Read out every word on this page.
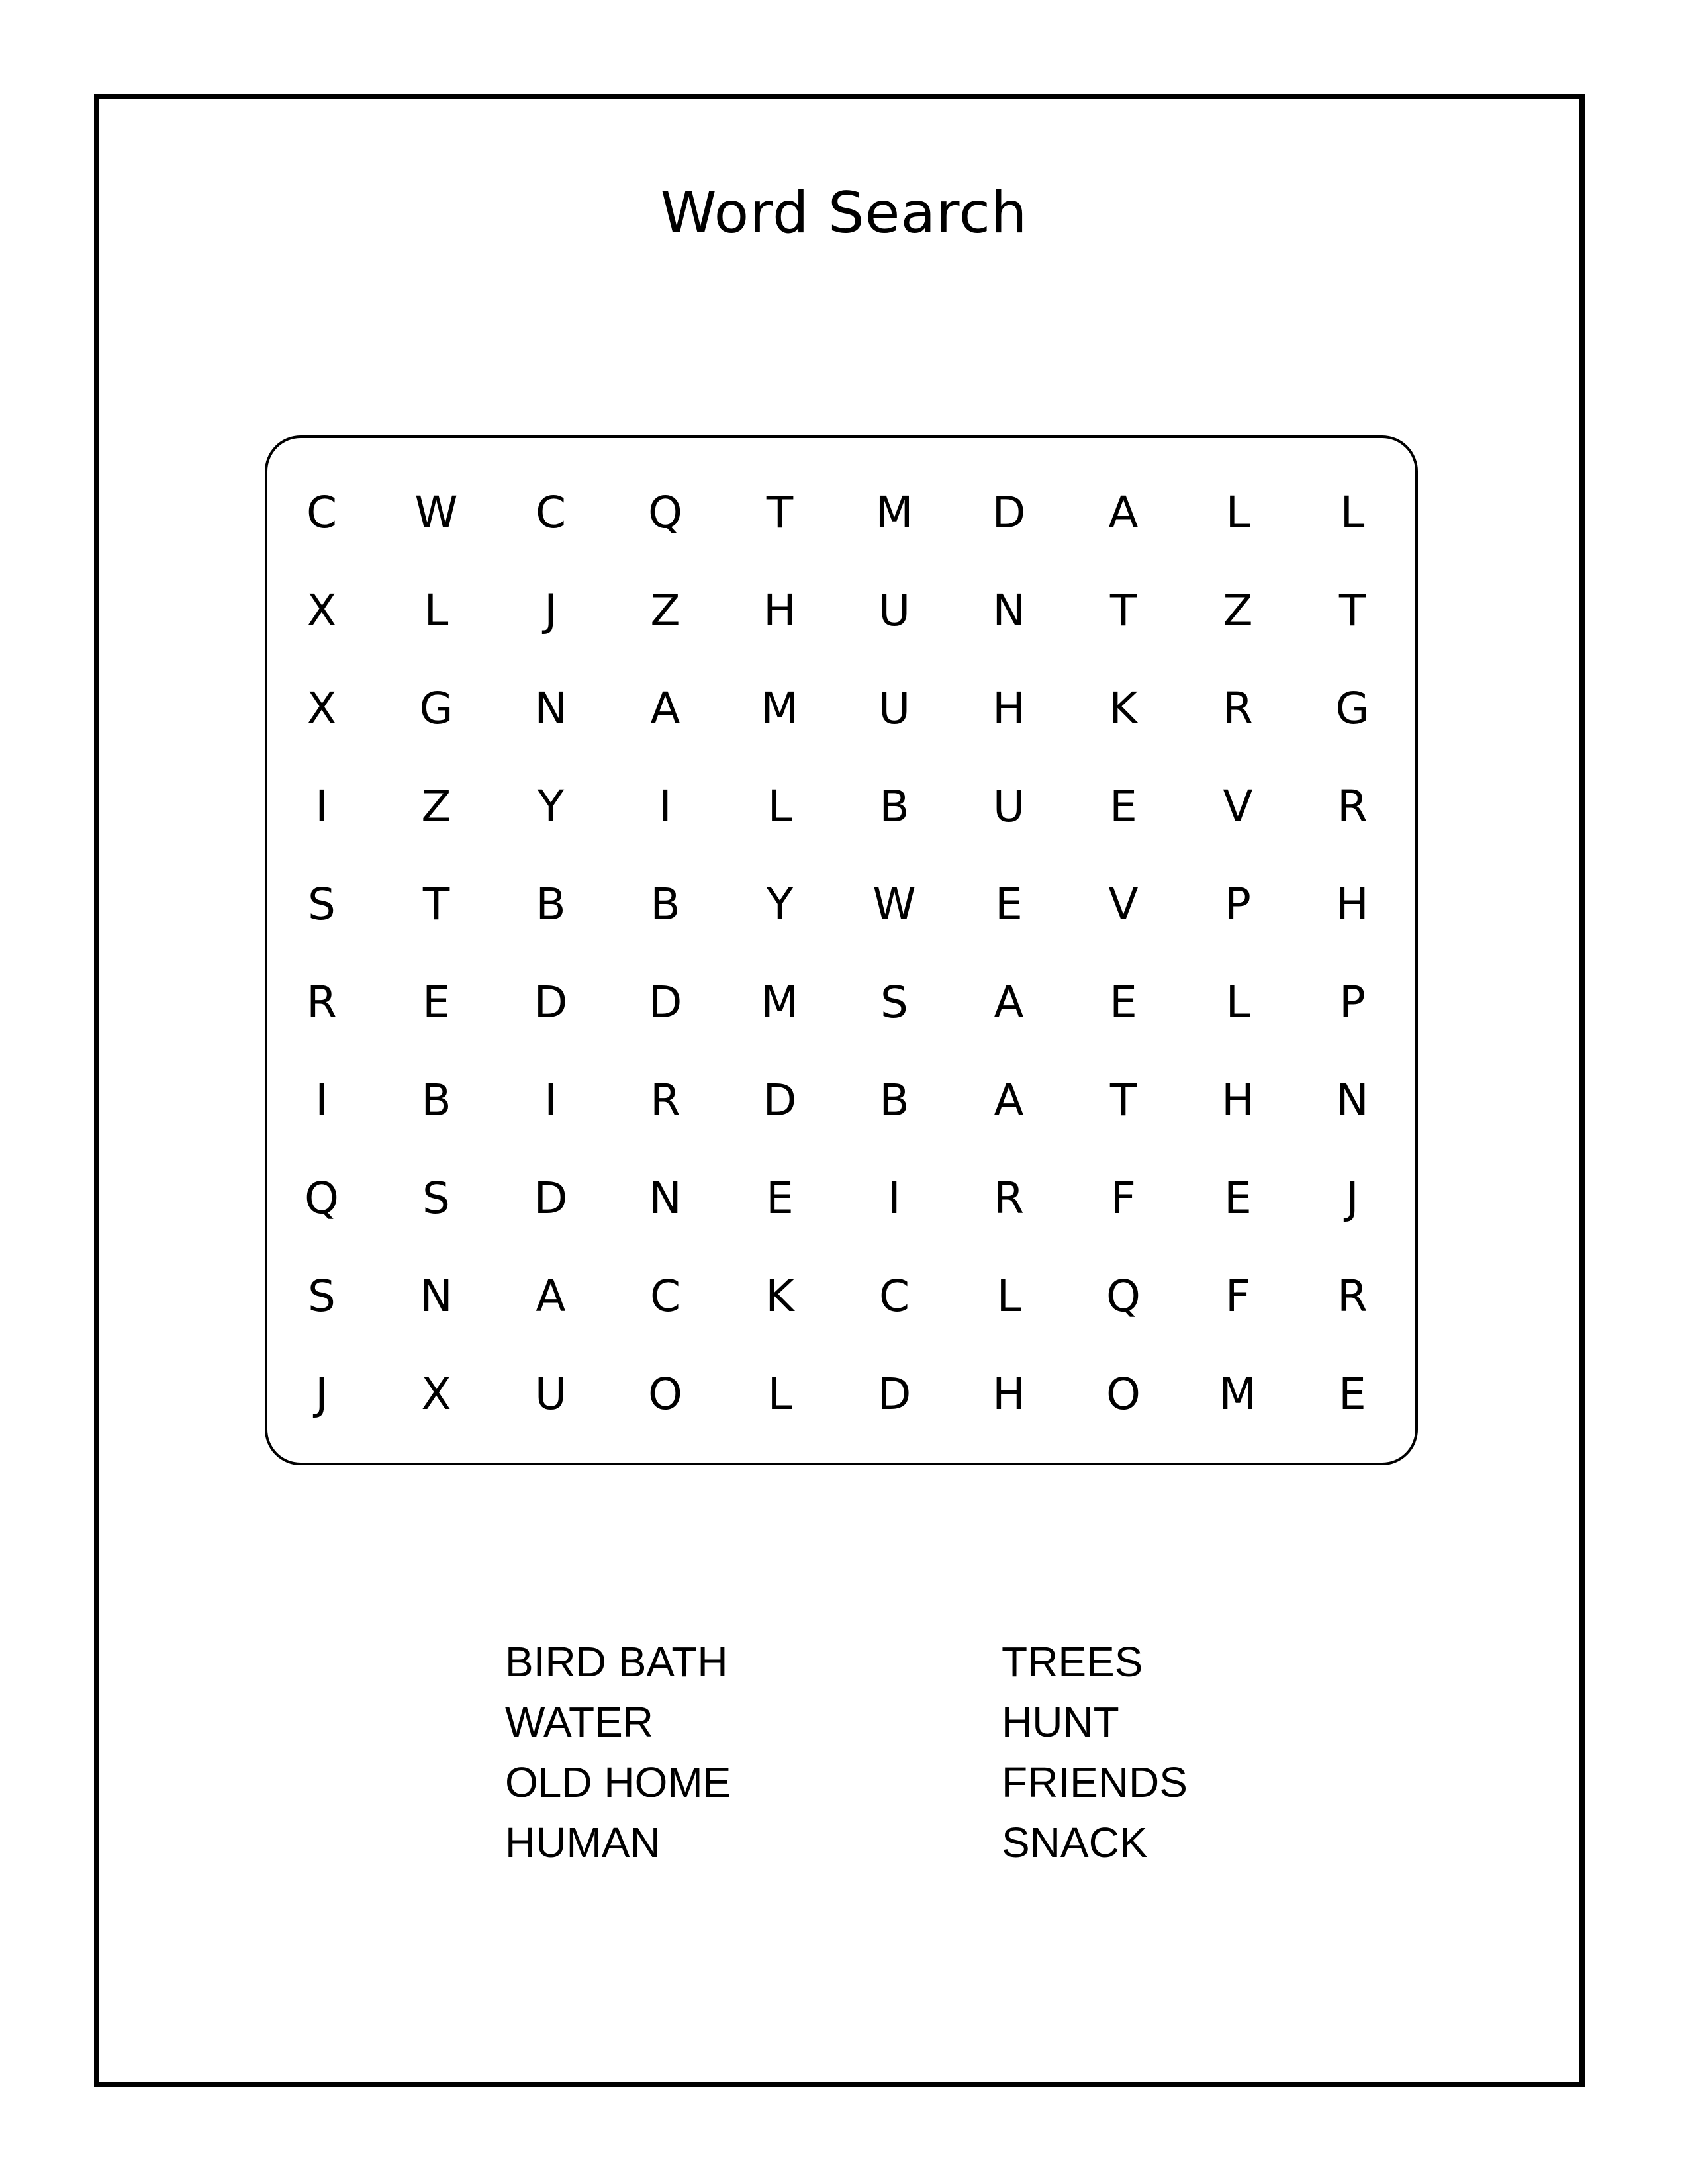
Word Search
C	W	C	Q	T	M	D	A	L	L
X	L	J	Z	H	U	N	T	Z	T
X	G	N	A	M	U	H	K	R	G
I	Z	Y	I	L	B	U	E	V	R
S	T	B	B	Y	W	E	V	P	H
R	E	D	D	M	S	A	E	L	P
I	B	I	R	D	B	A	T	H	N
Q	S	D	N	E	I	R	F	E	J
S	N	A	C	K	C	L	Q	F	R
J	X	U	O	L	D	H	O	M	E
BIRD BATH
WATER
OLD HOME
HUMAN
TREES
HUNT
FRIENDS
SNACK
